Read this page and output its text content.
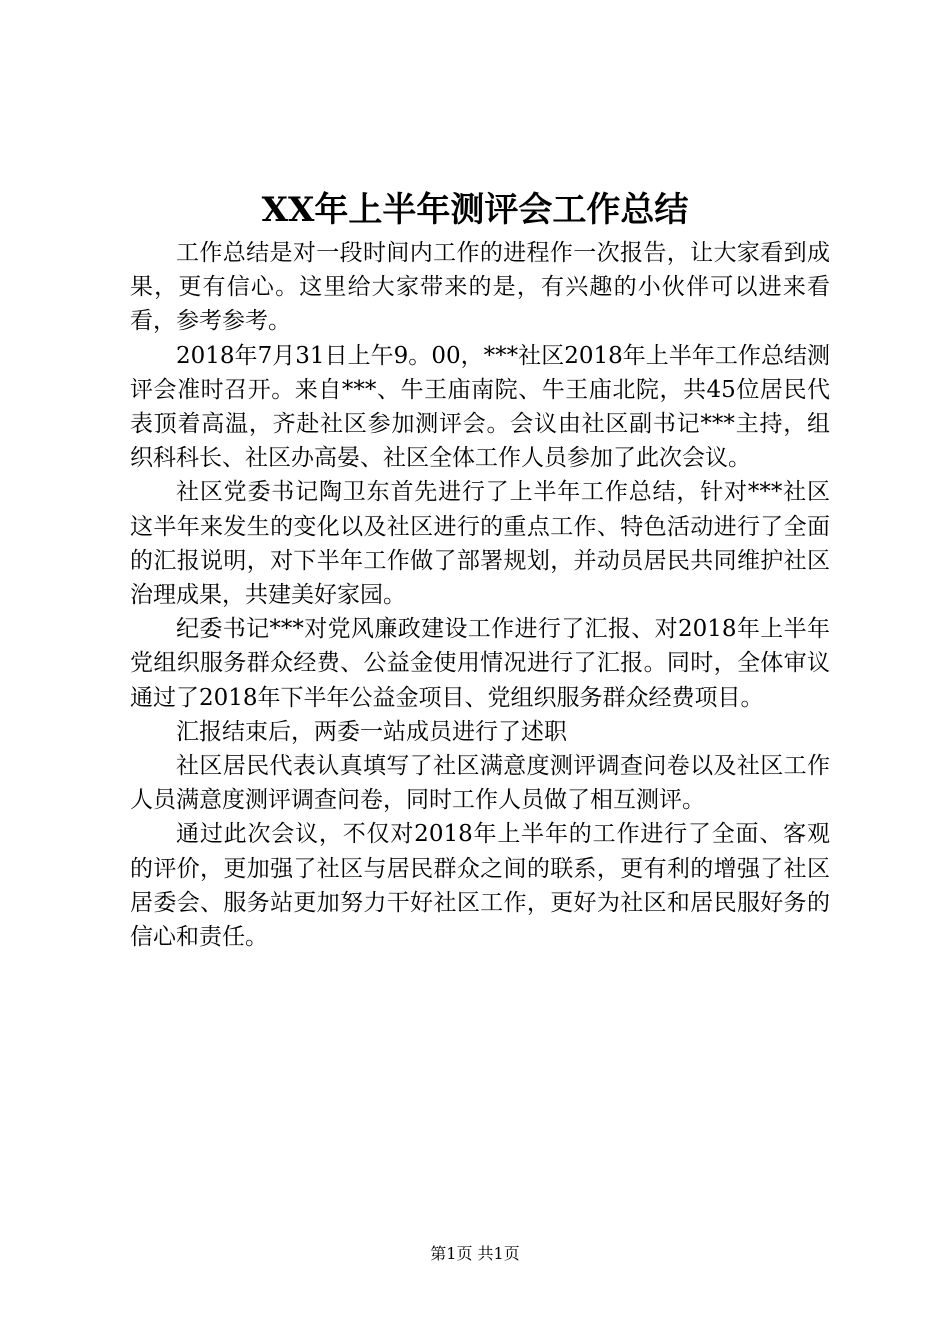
XX年上半年测评会工作总结

工作总结是对一段时间内工作的进程作一次报告，让大家看到成果，更有信心。这里给大家带来的是，有兴趣的小伙伴可以进来看看，参考参考。

2018年7月31日上午9。00，***社区2018年上半年工作总结测评会准时召开。来自***、牛王庙南院、牛王庙北院，共45位居民代表顶着高温，齐赴社区参加测评会。会议由社区副书记***主持，组织科科长、社区办高晏、社区全体工作人员参加了此次会议。

社区党委书记陶卫东首先进行了上半年工作总结，针对***社区这半年来发生的变化以及社区进行的重点工作、特色活动进行了全面的汇报说明，对下半年工作做了部署规划，并动员居民共同维护社区治理成果，共建美好家园。

纪委书记***对党风廉政建设工作进行了汇报、对2018年上半年党组织服务群众经费、公益金使用情况进行了汇报。同时，全体审议通过了2018年下半年公益金项目、党组织服务群众经费项目。

汇报结束后，两委一站成员进行了述职

社区居民代表认真填写了社区满意度测评调查问卷以及社区工作人员满意度测评调查问卷，同时工作人员做了相互测评。

通过此次会议，不仅对2018年上半年的工作进行了全面、客观的评价，更加强了社区与居民群众之间的联系，更有利的增强了社区居委会、服务站更加努力干好社区工作，更好为社区和居民服好务的信心和责任。

第1页 共1页
